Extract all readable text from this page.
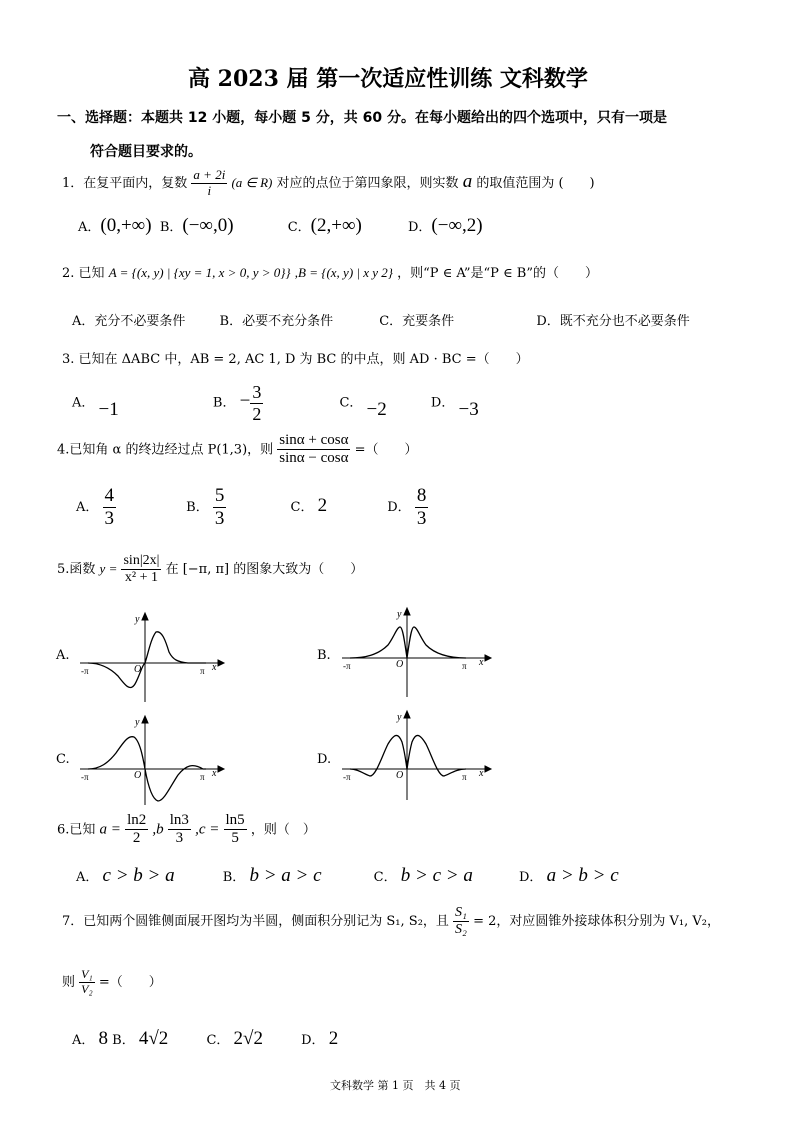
高 2023 届 第一次适应性训练 文科数学
一、选择题：本题共 12 小题，每小题 5 分，共 60 分。在每小题给出的四个选项中，只有一项是
符合题目要求的。
1．在复平面内，复数 $\frac{a + 2i}{i} (a$ ∈ R) 对应的点位于第四象限，则实数 a 的取值范围为 (　　)
A．(0,+∞) B．(−∞,0)	C．(2,+∞)	D．(−∞,2)
2. 已知 A = {(x, y) | {xy = 1, x > 0, y > 0}} ,B = {(x, y) | x y 2} ，则“P ∈ A”是“P ∈ B”的（　　）
A．充分不必要条件	B．必要不充分条件	C．充要条件	D．既不充分也不必要条件
3. 已知在 ΔABC 中，AB = 2, AC 1, D 为 BC 的中点，则 AD · BC =（　　）
A． −1	B． − $\frac{3}{2}$	C． −2	D． −3
4.已知角 α 的终边经过点 P(1,3)，则 $\frac{\sin\alpha + \cos\alpha}{\sin\alpha - \cos\alpha}$ =（　　）
A． $\frac{4}{3}$	B． $\frac{5}{3}$	C． 2	D． $\frac{8}{3}$
5.函数 $y = \frac{\sin|2x|}{\text{x² + 1}}$ 在 [−π, π] 的图象大致为（　　）
A.	B.
C.	D.
-π	π x
y
O	-π	π x
y
O
-π	π x
y
O	-π	π x
y
O
6.已知 $a = \frac{\ln 2}{2} ,b \frac{\ln 3}{3} ,c = \frac{\ln 5}{5}$ ，则（　）
A． c > b > a	B． b > a > c	C． b > c > a	D． a > b > c
7．已知两个圆锥侧面展开图均为半圆，侧面积分别记为 S₁, S₂，且 $\frac{\text{S₁}}{\text{S₂}} = 2$，对应圆锥外接球体积分别为 V₁, V₂，
则 $\frac{\text{V₁}}{\text{V₂}}$ =（　　）
A． 8 B． 4√2	C． 2√2	D． 2
文科数学 第 1 页　共 4 页
